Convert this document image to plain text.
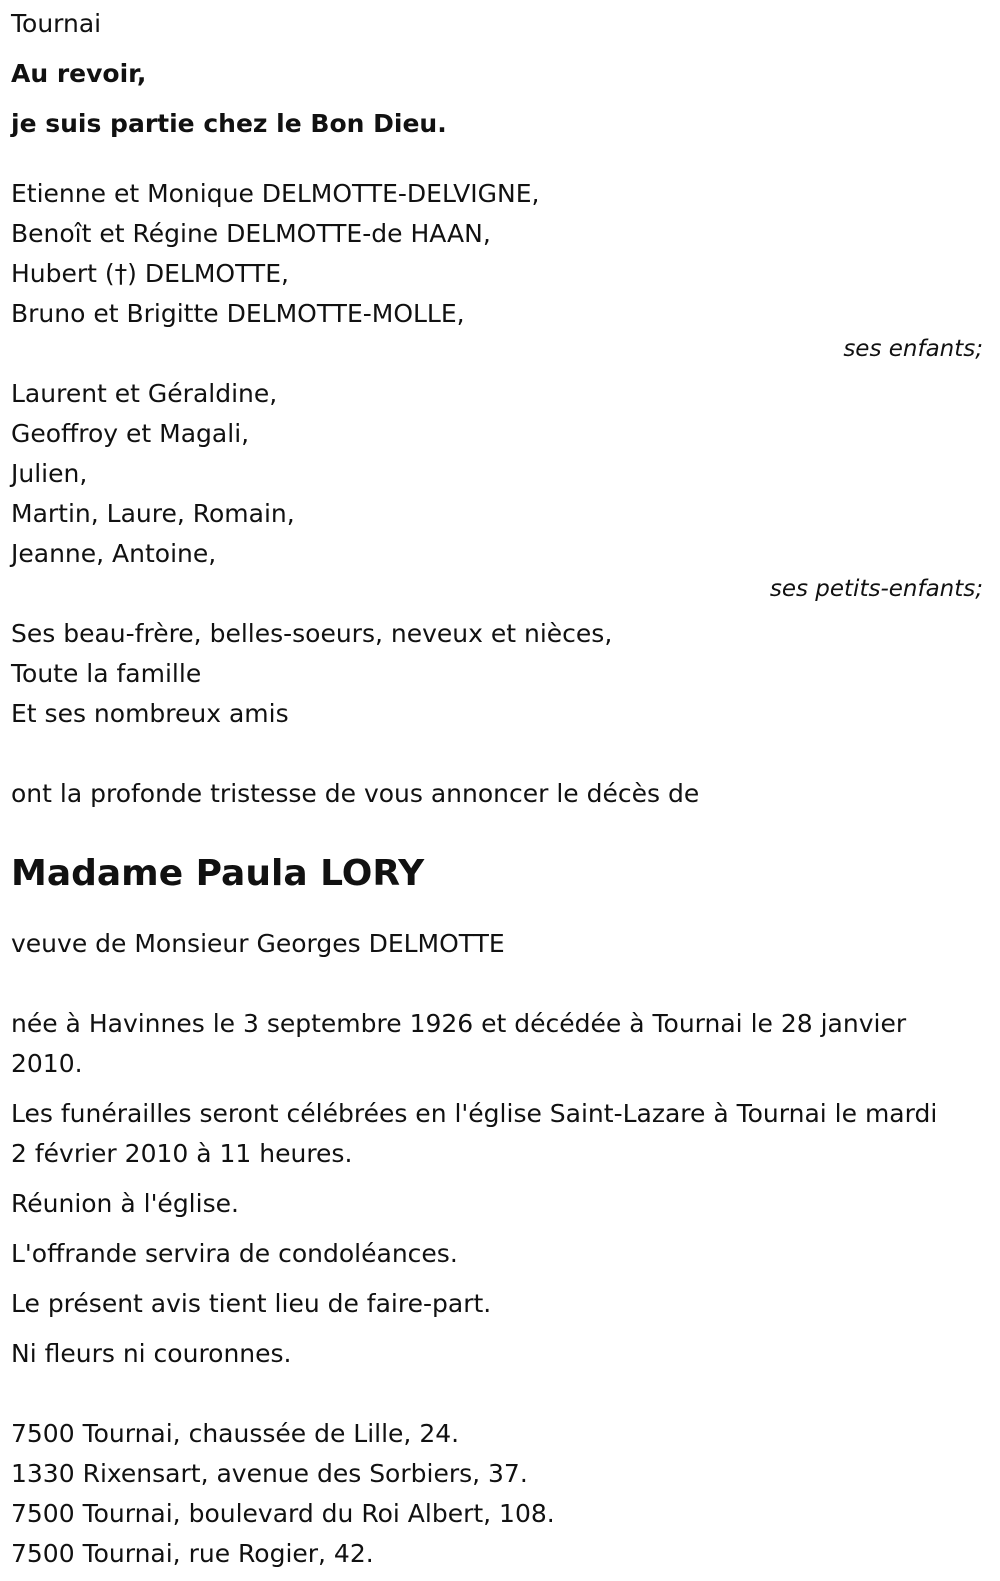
Tournai
Au revoir,
je suis partie chez le Bon Dieu.
Etienne et Monique DELMOTTE-DELVIGNE,
Benoît et Régine DELMOTTE-de HAAN,
Hubert (†) DELMOTTE,
Bruno et Brigitte DELMOTTE-MOLLE,
ses enfants;
Laurent et Géraldine,
Geoffroy et Magali,
Julien,
Martin, Laure, Romain,
Jeanne, Antoine,
ses petits-enfants;
Ses beau-frère, belles-soeurs, neveux et nièces,
Toute la famille
Et ses nombreux amis
ont la profonde tristesse de vous annoncer le décès de
Madame Paula LORY
veuve de Monsieur Georges DELMOTTE
née à Havinnes le 3 septembre 1926 et décédée à Tournai le 28 janvier 2010.
Les funérailles seront célébrées en l'église Saint-Lazare à Tournai le mardi 2 février 2010 à 11 heures.
Réunion à l'église.
L'offrande servira de condoléances.
Le présent avis tient lieu de faire-part.
Ni fleurs ni couronnes.
7500 Tournai, chaussée de Lille, 24.
1330 Rixensart, avenue des Sorbiers, 37.
7500 Tournai, boulevard du Roi Albert, 108.
7500 Tournai, rue Rogier, 42.
